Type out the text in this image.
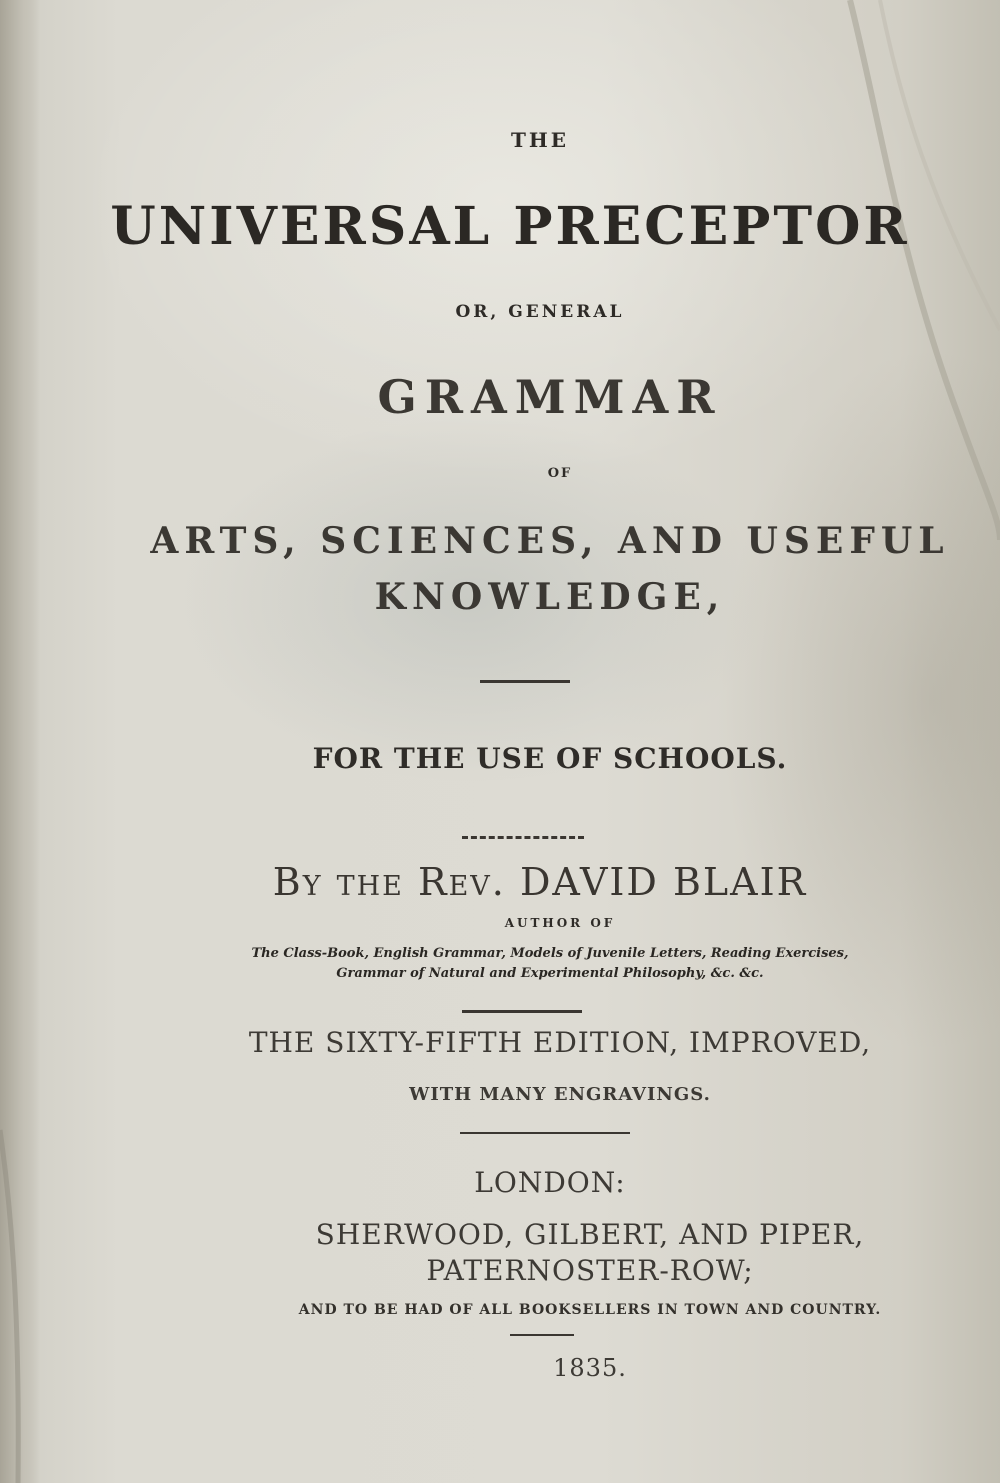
THE
UNIVERSAL PRECEPTOR
OR, GENERAL
GRAMMAR
OF
ARTS, SCIENCES, AND USEFUL
KNOWLEDGE,
FOR THE USE OF SCHOOLS.
By the Rev. DAVID BLAIR
AUTHOR OF
The Class-Book, English Grammar, Models of Juvenile Letters, Reading Exercises,
Grammar of Natural and Experimental Philosophy, &c. &c.
THE SIXTY-FIFTH EDITION, IMPROVED,
WITH MANY ENGRAVINGS.
LONDON:
SHERWOOD, GILBERT, AND PIPER,
PATERNOSTER-ROW;
AND TO BE HAD OF ALL BOOKSELLERS IN TOWN AND COUNTRY.
1835.
